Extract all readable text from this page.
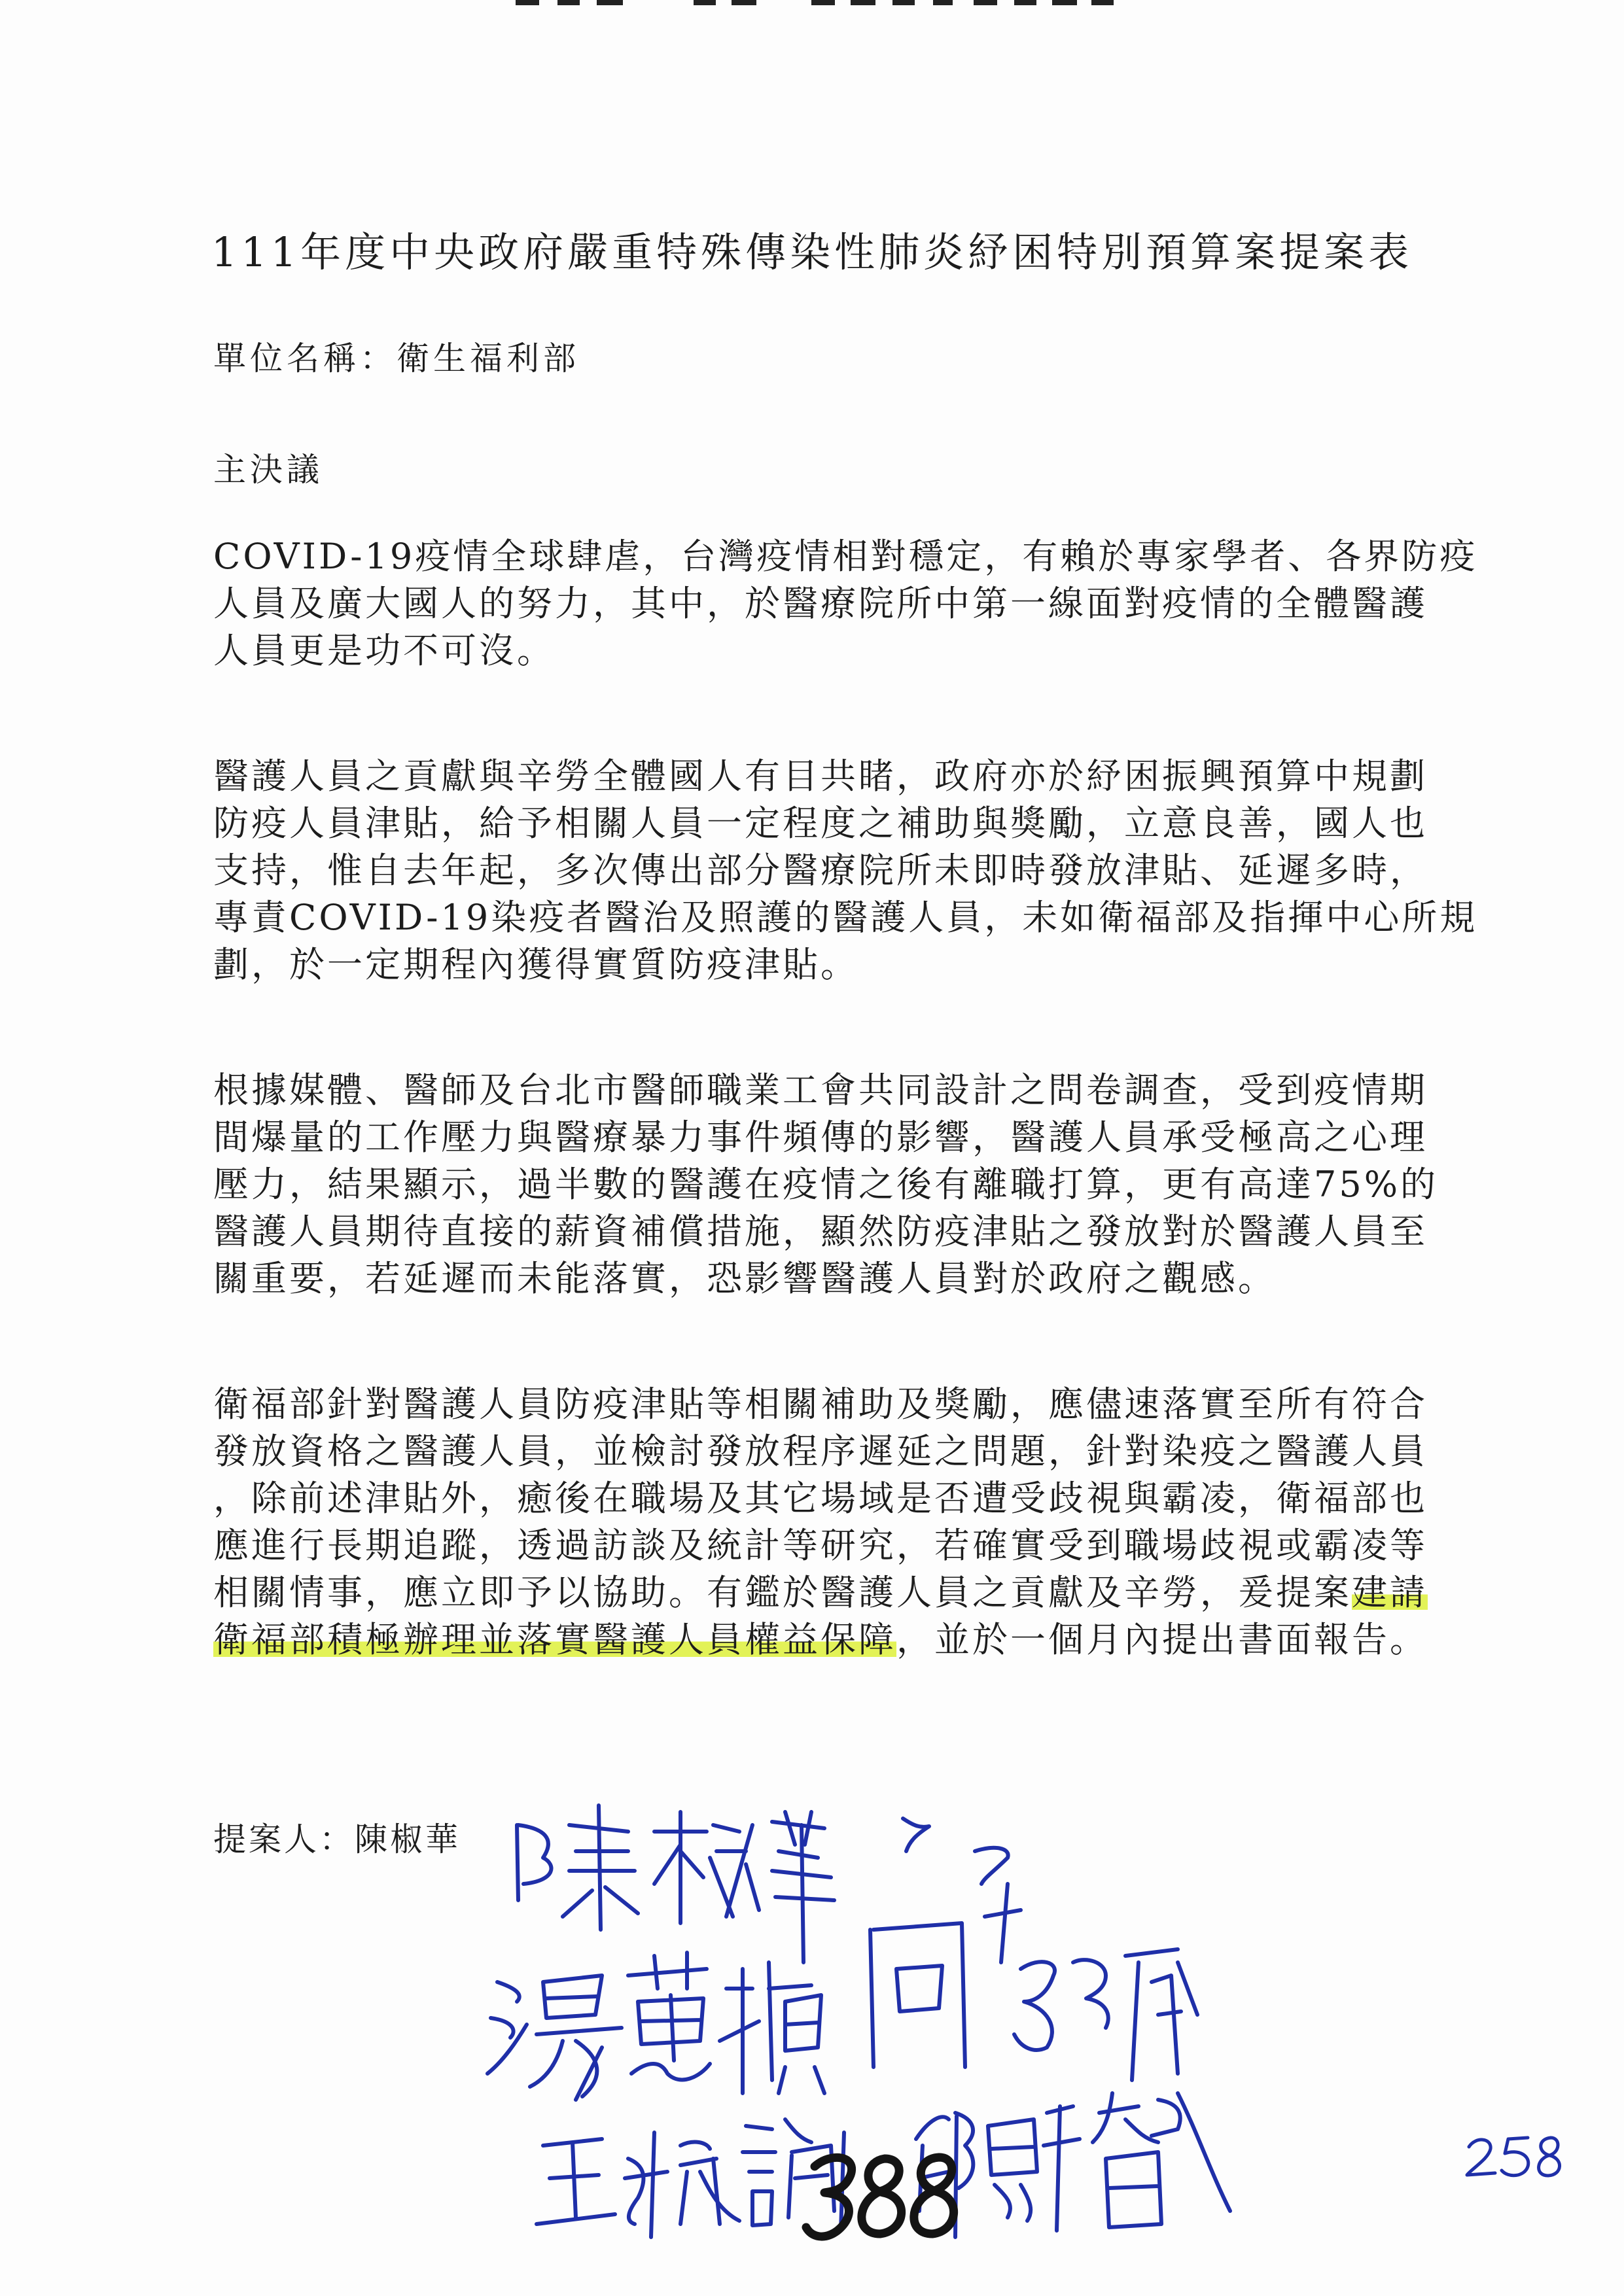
111年度中央政府嚴重特殊傳染性肺炎紓困特別預算案提案表
單位名稱：衛生福利部
主決議
COVID-19疫情全球肆虐，台灣疫情相對穩定，有賴於專家學者、各界防疫
人員及廣大國人的努力，其中，於醫療院所中第一線面對疫情的全體醫護
人員更是功不可沒。
醫護人員之貢獻與辛勞全體國人有目共睹，政府亦於紓困振興預算中規劃
防疫人員津貼，給予相關人員一定程度之補助與獎勵，立意良善，國人也
支持，惟自去年起，多次傳出部分醫療院所未即時發放津貼、延遲多時，
專責COVID-19染疫者醫治及照護的醫護人員，未如衛福部及指揮中心所規
劃，於一定期程內獲得實質防疫津貼。
根據媒體、醫師及台北市醫師職業工會共同設計之問卷調查，受到疫情期
間爆量的工作壓力與醫療暴力事件頻傳的影響，醫護人員承受極高之心理
壓力，結果顯示，過半數的醫護在疫情之後有離職打算，更有高達75%的
醫護人員期待直接的薪資補償措施，顯然防疫津貼之發放對於醫護人員至
關重要，若延遲而未能落實，恐影響醫護人員對於政府之觀感。
衛福部針對醫護人員防疫津貼等相關補助及獎勵，應儘速落實至所有符合
發放資格之醫護人員，並檢討發放程序遲延之問題，針對染疫之醫護人員
，除前述津貼外，癒後在職場及其它場域是否遭受歧視與霸凌，衛福部也
應進行長期追蹤，透過訪談及統計等研究，若確實受到職場歧視或霸凌等
相關情事，應立即予以協助。有鑑於醫護人員之貢獻及辛勞，爰提案建請
衛福部積極辦理並落實醫護人員權益保障，並於一個月內提出書面報告。
提案人：陳椒華
